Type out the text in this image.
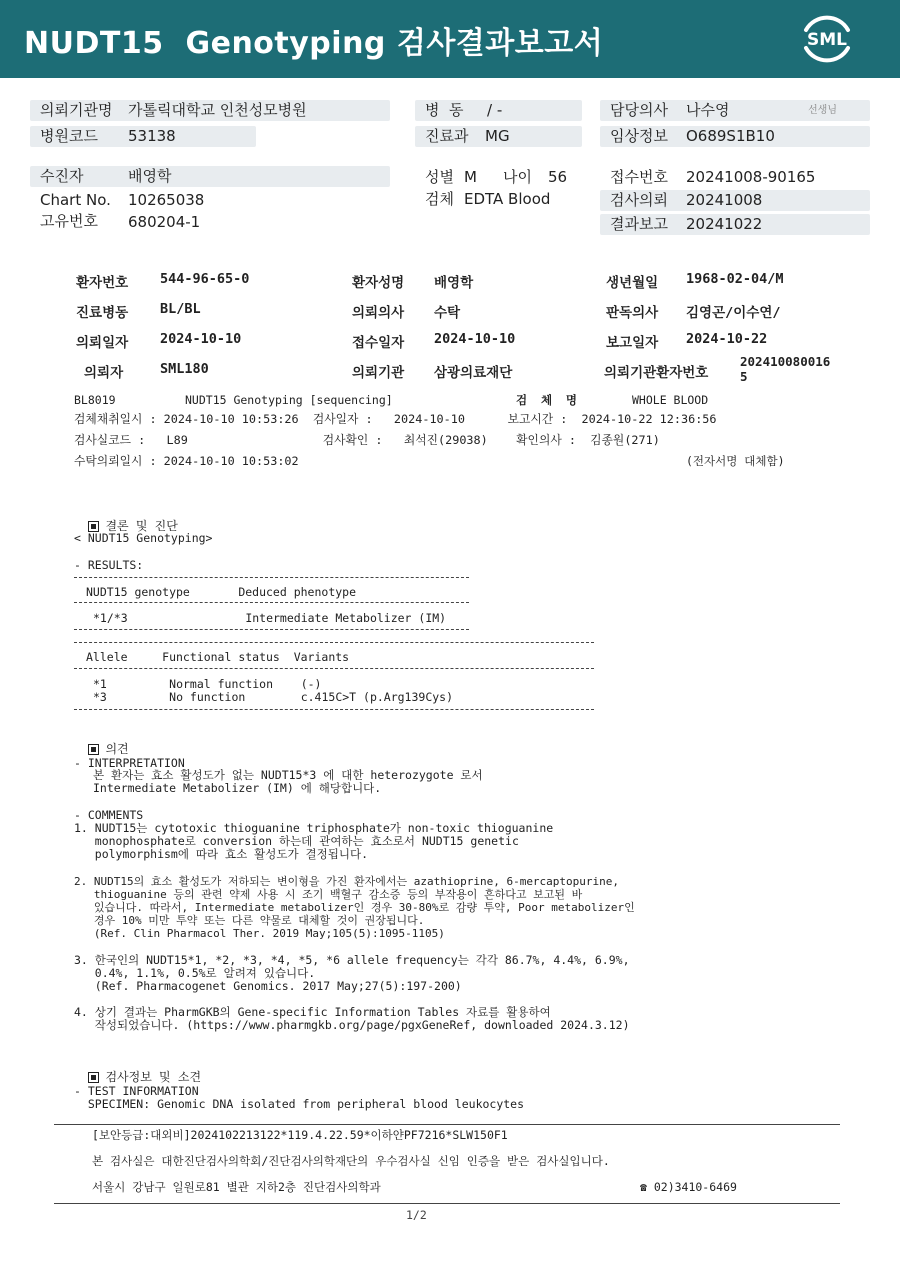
NUDT15  Genotyping 검사결과보고서	SML
의뢰기관명 가톨릭대학교 인천성모병원
병원코드 53138
병  동 / -
진료과 MG
담당의사 나수영	선생님
임상정보 O689S1B10
수진자	배영학
Chart No. 10265038
고유번호 680204-1
성별 M 나이 56
검체 EDTA Blood
접수번호 20241008-90165
검사의뢰 20241008
결과보고 20241022
환자번호 544-96-65-0	환자성명 배영학	생년월일 1968-02-04/M
진료병동 BL/BL	의뢰의사 수탁	판독의사 김영곤/이수연/
의뢰일자 2024-10-10	접수일자 2024-10-10	보고일자 2024-10-22
의뢰자	SML180	의뢰기관 삼광의료재단	의뢰기관환자번호
202410080016
5
BL8019	NUDT15 Genotyping [sequencing]	검  체  명	WHOLE BLOOD
검체채취일시 : 2024-10-10 10:53:26  검사일자 :   2024-10-10      보고시간 :  2024-10-22 12:36:56
검사실코드 :   L89                   검사확인 :   최석진(29038)    확인의사 :  김종원(271)
수탁의뢰일시 : 2024-10-10 10:53:02	(전자서명 대체함)

결론 및 진단

< NUDT15 Genotyping>
- RESULTS:
NUDT15 genotype       Deduced phenotype
*1/*3                 Intermediate Metabolizer (IM)
Allele     Functional status  Variants
*1         Normal function    (-)
*3         No function        c.415C>T (p.Arg139Cys)

의견

- INTERPRETATION
본 환자는 효소 활성도가 없는 NUDT15*3 에 대한 heterozygote 로서
Intermediate Metabolizer (IM) 에 해당합니다.
- COMMENTS
1. NUDT15는 cytotoxic thioguanine triphosphate가 non-toxic thioguanine
monophosphate로 conversion 하는데 관여하는 효소로서 NUDT15 genetic
polymorphism에 따라 효소 활성도가 결정됩니다.
2. NUDT15의 효소 활성도가 저하되는 변이형을 가진 환자에서는 azathioprine, 6-mercaptopurine,
thioguanine 등의 관련 약제 사용 시 조기 백혈구 감소증 등의 부작용이 흔하다고 보고된 바
있습니다. 따라서, Intermediate metabolizer인 경우 30-80%로 감량 투약, Poor metabolizer인
경우 10% 미만 투약 또는 다른 약물로 대체할 것이 권장됩니다.
(Ref. Clin Pharmacol Ther. 2019 May;105(5):1095-1105)
3. 한국인의 NUDT15*1, *2, *3, *4, *5, *6 allele frequency는 각각 86.7%, 4.4%, 6.9%,
0.4%, 1.1%, 0.5%로 알려져 있습니다.
(Ref. Pharmacogenet Genomics. 2017 May;27(5):197-200)
4. 상기 결과는 PharmGKB의 Gene-specific Information Tables 자료를 활용하여
작성되었습니다. (https://www.pharmgkb.org/page/pgxGeneRef, downloaded 2024.3.12)

검사정보 및 소견

- TEST INFORMATION
SPECIMEN: Genomic DNA isolated from peripheral blood leukocytes
[보안등급:대외비]2024102213122*119.4.22.59*이하얀PF7216*SLW150F1
본 검사실은 대한진단검사의학회/진단검사의학재단의 우수검사실 신임 인증을 받은 검사실입니다.
서울시 강남구 일원로81 별관 지하2층 진단검사의학과	☎ 02)3410-6469
1/2
